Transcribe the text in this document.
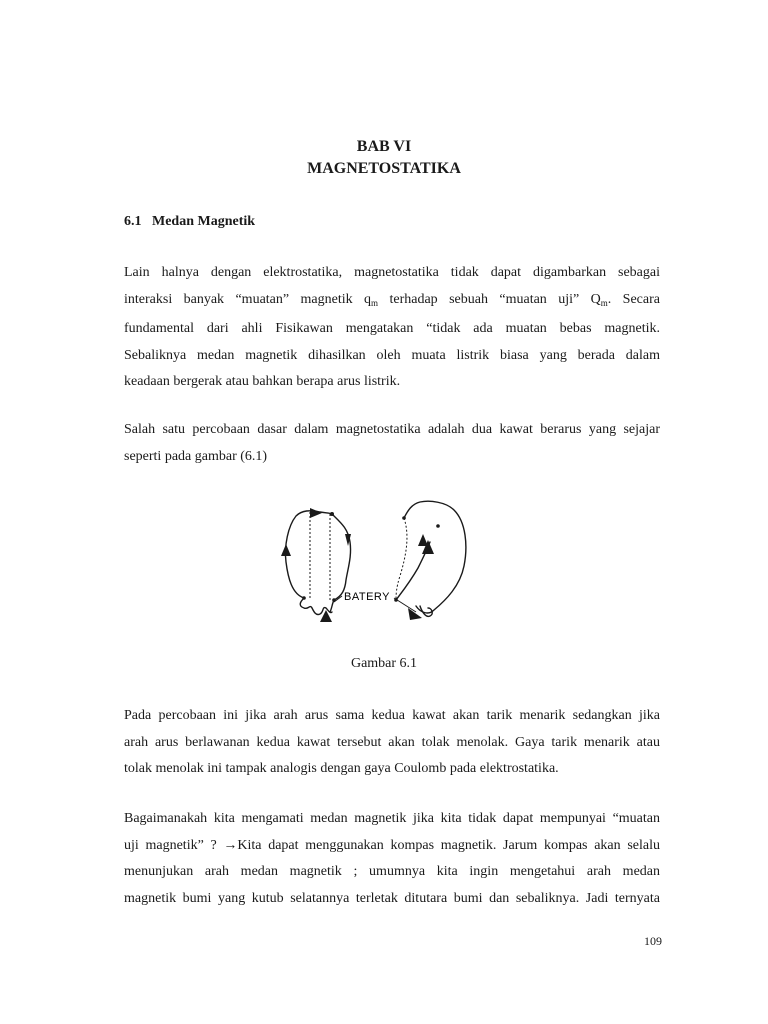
BAB VI
MAGNETOSTATIKA
6.1 Medan Magnetik
Lain halnya dengan elektrostatika, magnetostatika tidak dapat digambarkan sebagai
interaksi banyak “muatan” magnetik $q_m$ terhadap sebuah “muatan uji” $Q_m$. Secara
fundamental dari ahli Fisikawan mengatakan “tidak ada muatan bebas magnetik.
Sebaliknya medan magnetik dihasilkan oleh muata listrik biasa yang berada dalam
keadaan bergerak atau bahkan berapa arus listrik.
Salah satu percobaan dasar dalam magnetostatika adalah dua kawat berarus yang sejajar
seperti pada gambar (6.1)
BATERY
Gambar 6.1
Pada percobaan ini jika arah arus sama kedua kawat akan tarik menarik sedangkan jika
arah arus berlawanan kedua kawat tersebut akan tolak menolak. Gaya tarik menarik atau
tolak menolak ini tampak analogis dengan gaya Coulomb pada elektrostatika.
Bagaimanakah kita mengamati medan magnetik jika kita tidak dapat mempunyai “muatan
uji magnetik” ? →Kita dapat menggunakan kompas magnetik. Jarum kompas akan selalu
menunjukan arah medan magnetik ; umumnya kita ingin mengetahui arah medan
magnetik bumi yang kutub selatannya terletak ditutara bumi dan sebaliknya. Jadi ternyata
109
